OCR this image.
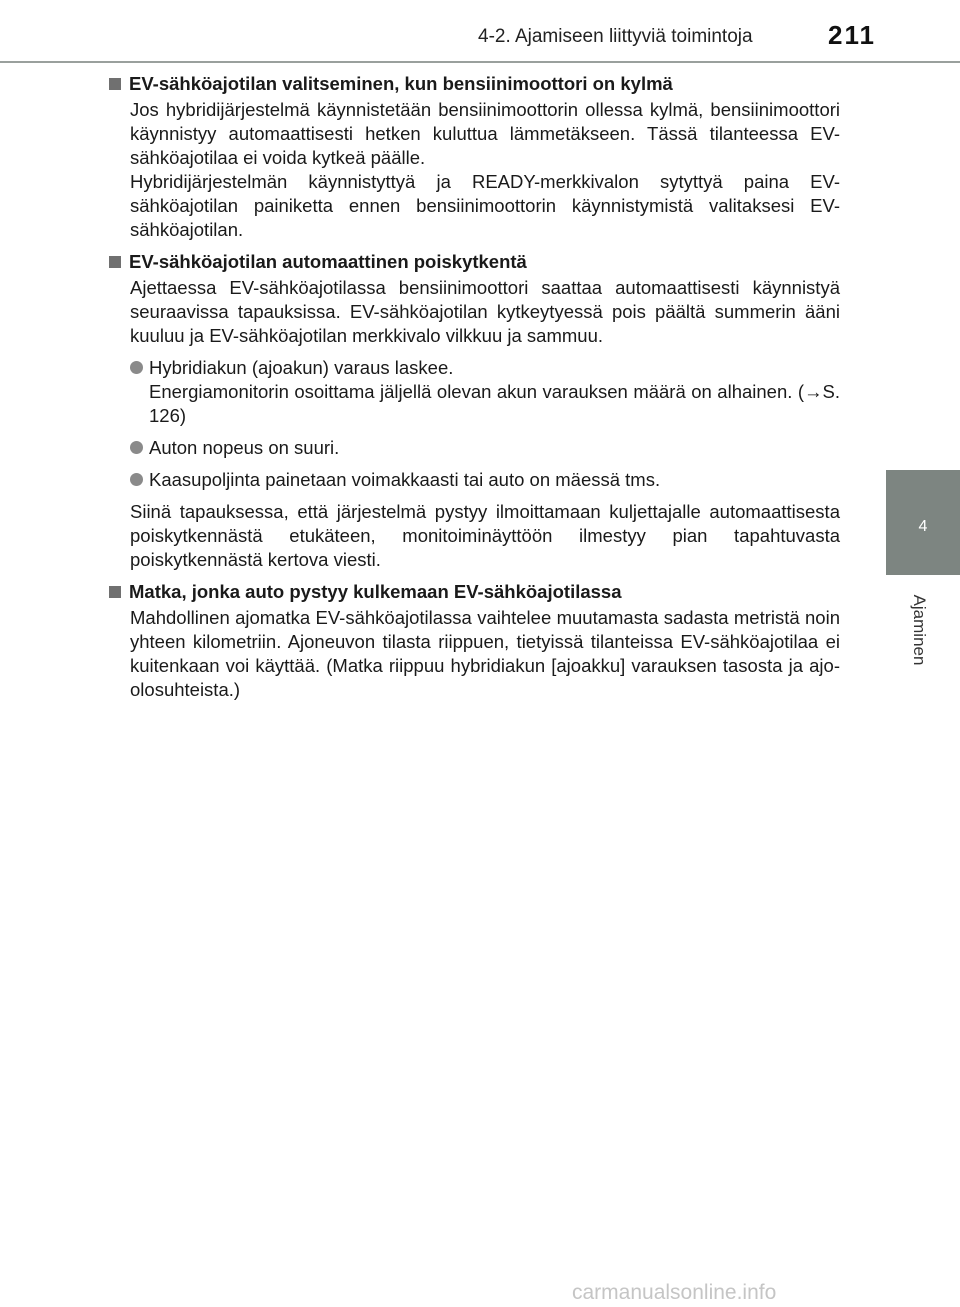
211
4-2. Ajamiseen liittyviä toimintoja
4
Ajaminen
EV-sähköajotilan valitseminen, kun bensiinimoottori on kylmä
Jos hybridijärjestelmä käynnistetään bensiinimoottorin ollessa kylmä, bensiinimoottori käynnistyy automaattisesti hetken kuluttua lämmetäkseen. Tässä tilanteessa EV-sähköajotilaa ei voida kytkeä päälle.
Hybridijärjestelmän käynnistyttyä ja READY-merkkivalon sytyttyä paina EV-sähköajotilan painiketta ennen bensiinimoottorin käynnistymistä valitaksesi EV-sähköajotilan.
EV-sähköajotilan automaattinen poiskytkentä
Ajettaessa EV-sähköajotilassa bensiinimoottori saattaa automaattisesti käynnistyä seuraavissa tapauksissa. EV-sähköajotilan kytkeytyessä pois päältä summerin ääni kuuluu ja EV-sähköajotilan merkkivalo vilkkuu ja sammuu.
Hybridiakun (ajoakun) varaus laskee.
Energiamonitorin osoittama jäljellä olevan akun varauksen määrä on alhainen. (→S. 126)
Auton nopeus on suuri.
Kaasupoljinta painetaan voimakkaasti tai auto on mäessä tms.
Siinä tapauksessa, että järjestelmä pystyy ilmoittamaan kuljettajalle automaattisesta poiskytkennästä etukäteen, monitoiminäyttöön ilmestyy pian tapahtuvasta poiskytkennästä kertova viesti.
Matka, jonka auto pystyy kulkemaan EV-sähköajotilassa
Mahdollinen ajomatka EV-sähköajotilassa vaihtelee muutamasta sadasta metristä noin yhteen kilometriin. Ajoneuvon tilasta riippuen, tietyissä tilanteissa EV-sähköajotilaa ei kuitenkaan voi käyttää. (Matka riippuu hybridiakun [ajoakku] varauksen tasosta ja ajo-olosuhteista.)
carmanualsonline.info
